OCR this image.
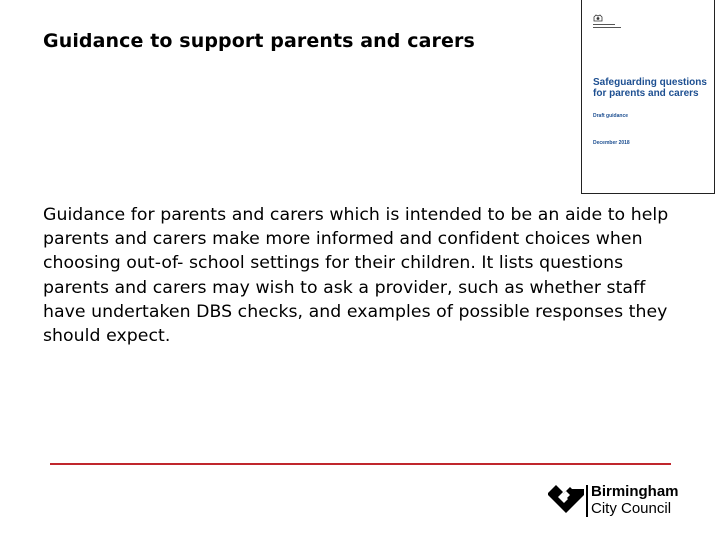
Guidance to support parents and carers
Safeguarding questions for parents and carers
Draft guidance
December 2018

Guidance for parents and carers which is intended to be an aide to help parents and carers make more informed and confident choices when choosing out-of- school settings for their children. It lists questions parents and carers may wish to ask a provider, such as whether staff have undertaken DBS checks, and examples of possible responses they should expect.

Birmingham
City Council
